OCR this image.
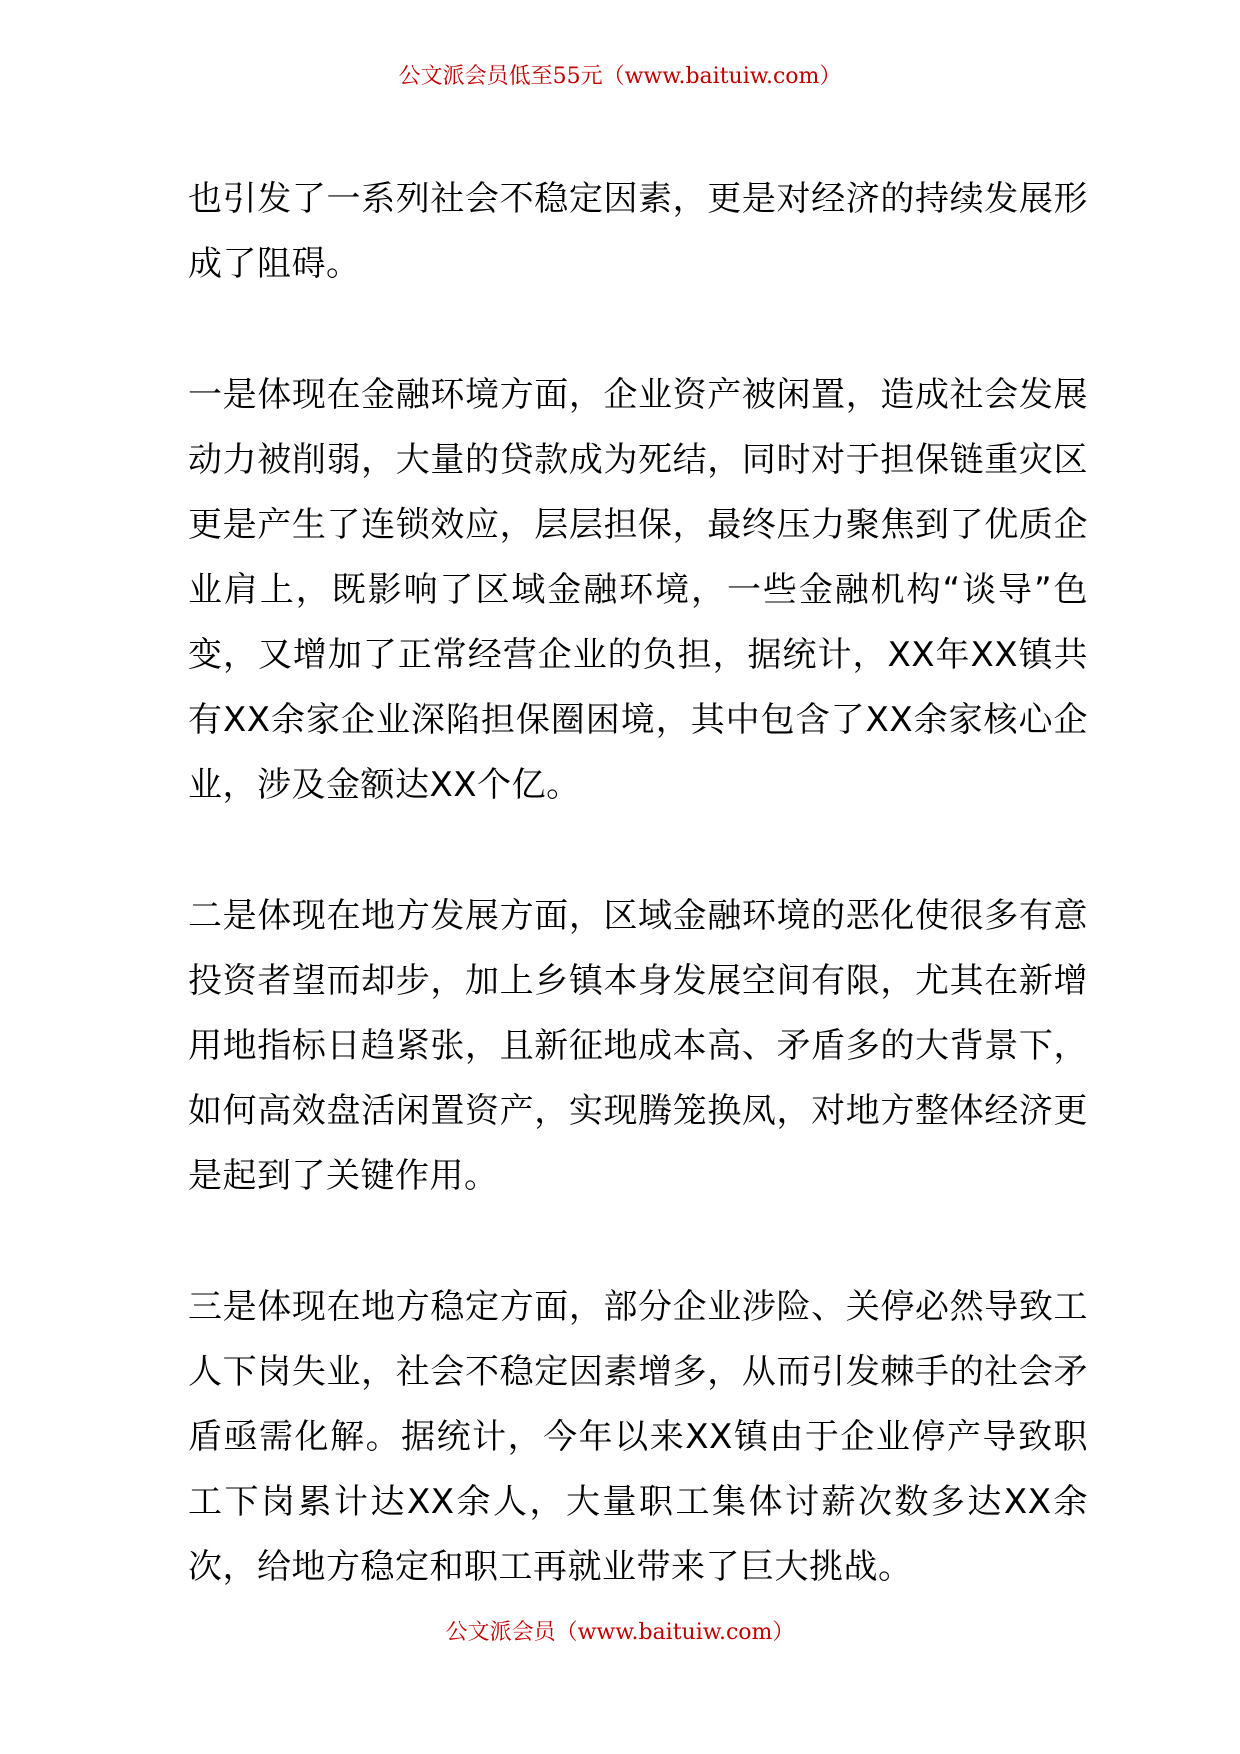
公文派会员低至55元（www.baituiw.com）

也引发了一系列社会不稳定因素，更是对经济的持续发展形成了阻碍。

一是体现在金融环境方面，企业资产被闲置，造成社会发展动力被削弱，大量的贷款成为死结，同时对于担保链重灾区更是产生了连锁效应，层层担保，最终压力聚焦到了优质企业肩上，既影响了区域金融环境，一些金融机构“谈导”色变，又增加了正常经营企业的负担，据统计，XX年XX镇共有XX余家企业深陷担保圈困境，其中包含了XX余家核心企业，涉及金额达XX个亿。

二是体现在地方发展方面，区域金融环境的恶化使很多有意投资者望而却步，加上乡镇本身发展空间有限，尤其在新增用地指标日趋紧张，且新征地成本高、矛盾多的大背景下，如何高效盘活闲置资产，实现腾笼换凤，对地方整体经济更是起到了关键作用。

三是体现在地方稳定方面，部分企业涉险、关停必然导致工人下岗失业，社会不稳定因素增多，从而引发棘手的社会矛盾亟需化解。据统计，今年以来XX镇由于企业停产导致职工下岗累计达XX余人，大量职工集体讨薪次数多达XX余次，给地方稳定和职工再就业带来了巨大挑战。

公文派会员（www.baituiw.com）
